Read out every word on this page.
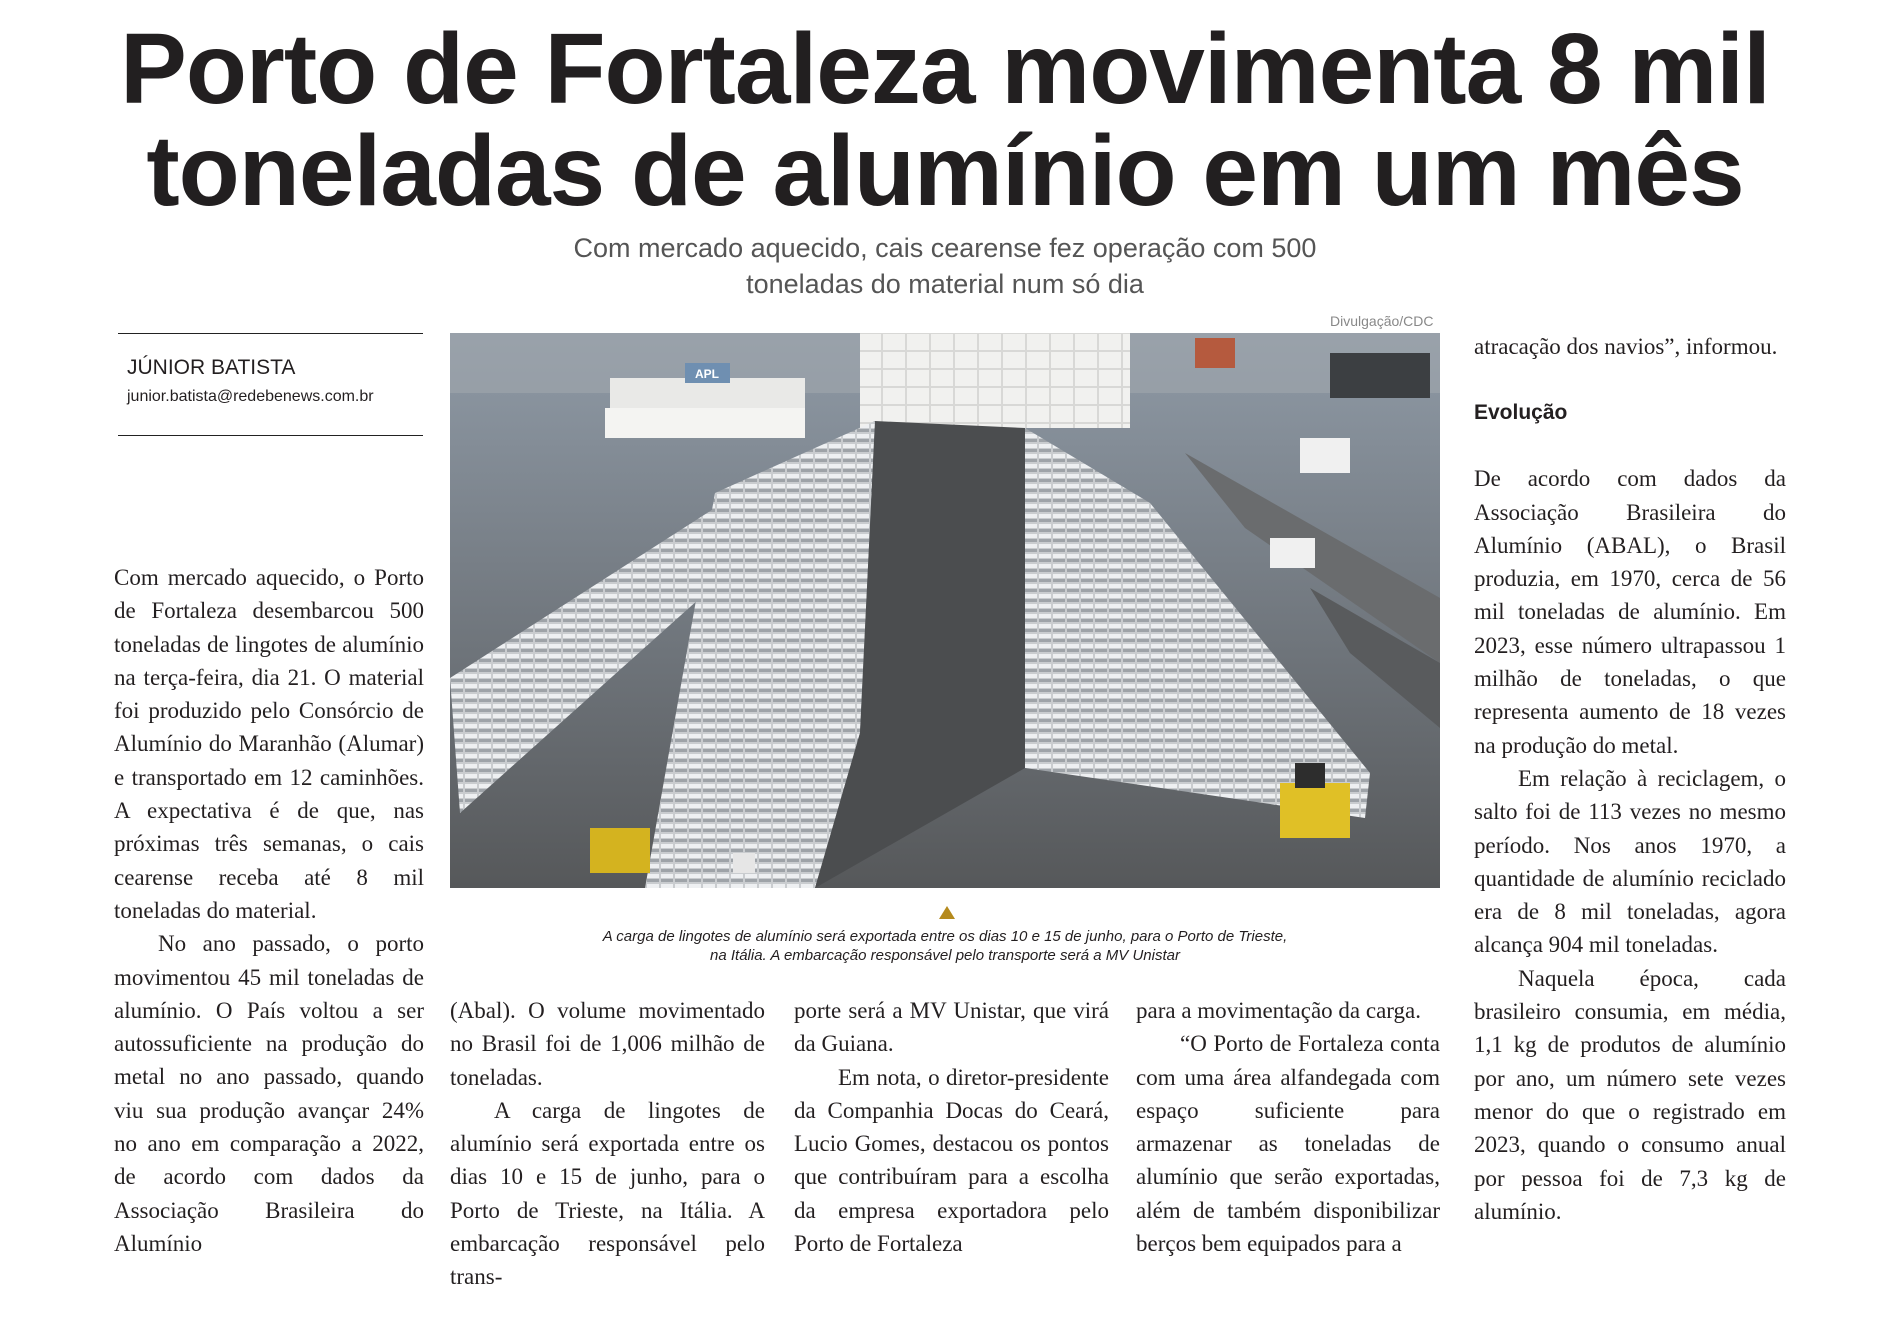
Porto de Fortaleza movimenta 8 mil toneladas de alumínio em um mês

Com mercado aquecido, cais cearense fez operação com 500 toneladas do material num só dia

JÚNIOR BATISTA
junior.batista@redebenews.com.br
Divulgação/CDC
APL

A carga de lingotes de alumínio será exportada entre os dias 10 e 15 de junho, para o Porto de Trieste, na Itália. A embarcação responsável pelo transporte será a MV Unistar

Com mercado aquecido, o Porto de Fortaleza desembarcou 500 toneladas de lingotes de alumínio na terça-feira, dia 21. O material foi produzido pelo Consórcio de Alumínio do Maranhão (Alumar) e transportado em 12 caminhões. A expectativa é de que, nas próximas três semanas, o cais cearense receba até 8 mil toneladas do material.

No ano passado, o porto movimentou 45 mil toneladas de alumínio. O País voltou a ser autossuficiente na produção do metal no ano passado, quando viu sua produção avançar 24% no ano em comparação a 2022, de acordo com dados da Associação Brasileira do Alumínio

(Abal). O volume movimentado no Brasil foi de 1,006 milhão de toneladas.

A carga de lingotes de alumínio será exportada entre os dias 10 e 15 de junho, para o Porto de Trieste, na Itália. A embarcação responsável pelo trans-

porte será a MV Unistar, que virá da Guiana.

Em nota, o diretor-presidente da Companhia Docas do Ceará, Lucio Gomes, destacou os pontos que contribuíram para a escolha da empresa exportadora pelo Porto de Fortaleza

para a movimentação da carga.

“O Porto de Fortaleza conta com uma área alfandegada com espaço suficiente para armazenar as toneladas de alumínio que serão exportadas, além de também disponibilizar berços bem equipados para a

atracação dos navios”, informou.

Evolução

De acordo com dados da Associação Brasileira do Alumínio (ABAL), o Brasil produzia, em 1970, cerca de 56 mil toneladas de alumínio. Em 2023, esse número ultrapassou 1 milhão de toneladas, o que representa aumento de 18 vezes na produção do metal.

Em relação à reciclagem, o salto foi de 113 vezes no mesmo período. Nos anos 1970, a quantidade de alumínio reciclado era de 8 mil toneladas, agora alcança 904 mil toneladas.

Naquela época, cada brasileiro consumia, em média, 1,1 kg de produtos de alumínio por ano, um número sete vezes menor do que o registrado em 2023, quando o consumo anual por pessoa foi de 7,3 kg de alumínio.
